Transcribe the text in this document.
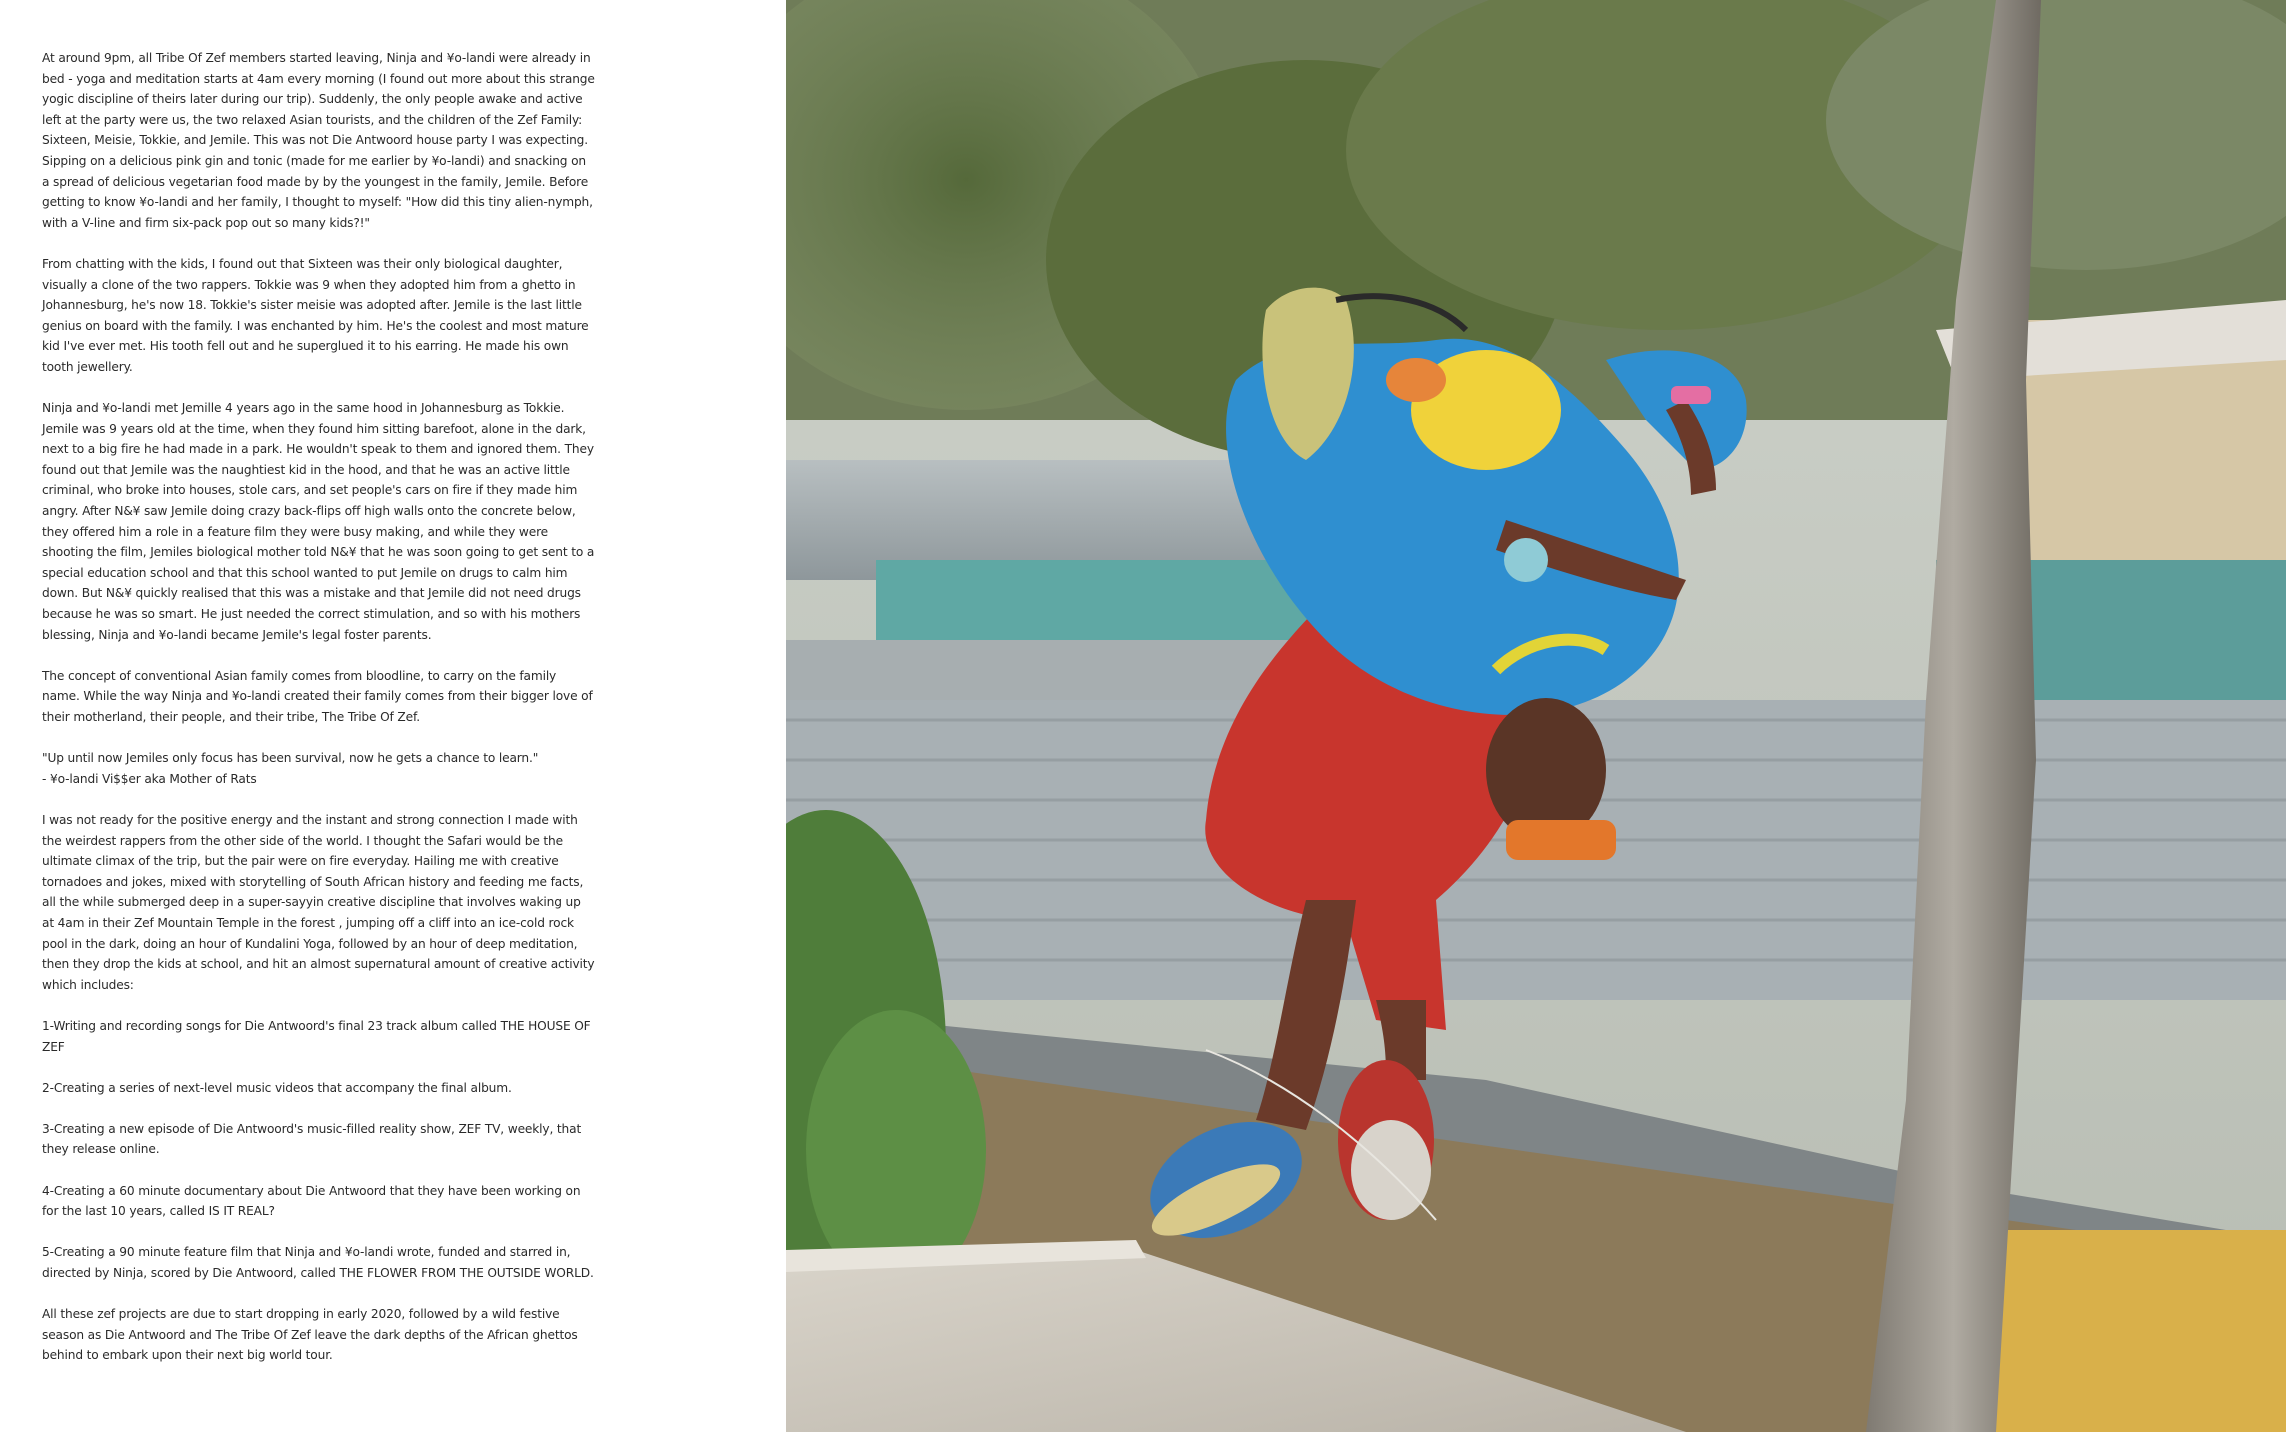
At around 9pm, all Tribe Of Zef members started leaving, Ninja and ¥o-landi were already in bed - yoga and meditation starts at 4am every morning (I found out more about this strange yogic discipline of theirs later during our trip). Suddenly, the only people awake and active left at the party were us, the two relaxed Asian tourists, and the children of the Zef Family: Sixteen, Meisie, Tokkie, and Jemile. This was not Die Antwoord house party I was expecting. Sipping on a delicious pink gin and tonic (made for me earlier by ¥o-landi) and snacking on a spread of delicious vegetarian food made by by the youngest in the family, Jemile. Before getting to know ¥o-landi and her family, I thought to myself: "How did this tiny alien-nymph, with a V-line and firm six-pack pop out so many kids?!"

From chatting with the kids, I found out that Sixteen was their only biological daughter, visually a clone of the two rappers. Tokkie was 9 when they adopted him from a ghetto in Johannesburg, he's now 18. Tokkie's sister meisie was adopted after. Jemile is the last little genius on board with the family. I was enchanted by him. He's the coolest and most mature kid I've ever met. His tooth fell out and he superglued it to his earring. He made his own tooth jewellery.

Ninja and ¥o-landi met Jemille 4 years ago in the same hood in Johannesburg as Tokkie. Jemile was 9 years old at the time, when they found him sitting barefoot, alone in the dark, next to a big fire he had made in a park. He wouldn't speak to them and ignored them. They found out that Jemile was the naughtiest kid in the hood, and that he was an active little criminal, who broke into houses, stole cars, and set people's cars on fire if they made him angry. After N&¥ saw Jemile doing crazy back-flips off high walls onto the concrete below, they offered him a role in a feature film they were busy making, and while they were shooting the film, Jemiles biological mother told N&¥ that he was soon going to get sent to a special education school and that this school wanted to put Jemile on drugs to calm him down. But N&¥ quickly realised that this was a mistake and that Jemile did not need drugs because he was so smart. He just needed the correct stimulation, and so with his mothers blessing, Ninja and ¥o-landi became Jemile's legal foster parents.

The concept of conventional Asian family comes from bloodline, to carry on the family name. While the way Ninja and ¥o-landi created their family comes from their bigger love of their motherland, their people, and their tribe, The Tribe Of Zef.

"Up until now Jemiles only focus has been survival, now he gets a chance to learn."
- ¥o-landi Vi$$er aka Mother of Rats

I was not ready for the positive energy and the instant and strong connection I made with the weirdest rappers from the other side of the world. I thought the Safari would be the ultimate climax of the trip, but the pair were on fire everyday. Hailing me with creative tornadoes and jokes, mixed with storytelling of South African history and feeding me facts, all the while submerged deep in a super-sayyin creative discipline that involves waking up at 4am in their Zef Mountain Temple in the forest , jumping off a cliff into an ice-cold rock pool in the dark, doing an hour of Kundalini Yoga, followed by an hour of deep meditation, then they drop the kids at school, and hit an almost supernatural amount of creative activity which includes:

1-Writing and recording songs for Die Antwoord's final 23 track album called THE HOUSE OF ZEF

2-Creating a series of next-level music videos that accompany the final album.

3-Creating a new episode of Die Antwoord's music-filled reality show, ZEF TV, weekly, that they release online.

4-Creating a 60 minute documentary about Die Antwoord that they have been working on for the last 10 years, called IS IT REAL?

5-Creating a 90 minute feature film that Ninja and ¥o-landi wrote, funded and starred in, directed by Ninja, scored by Die Antwoord, called THE FLOWER FROM THE OUTSIDE WORLD.

All these zef projects are due to start dropping in early 2020, followed by a wild festive season as Die Antwoord and The Tribe Of Zef leave the dark depths of the African ghettos behind to embark upon their next big world tour.
